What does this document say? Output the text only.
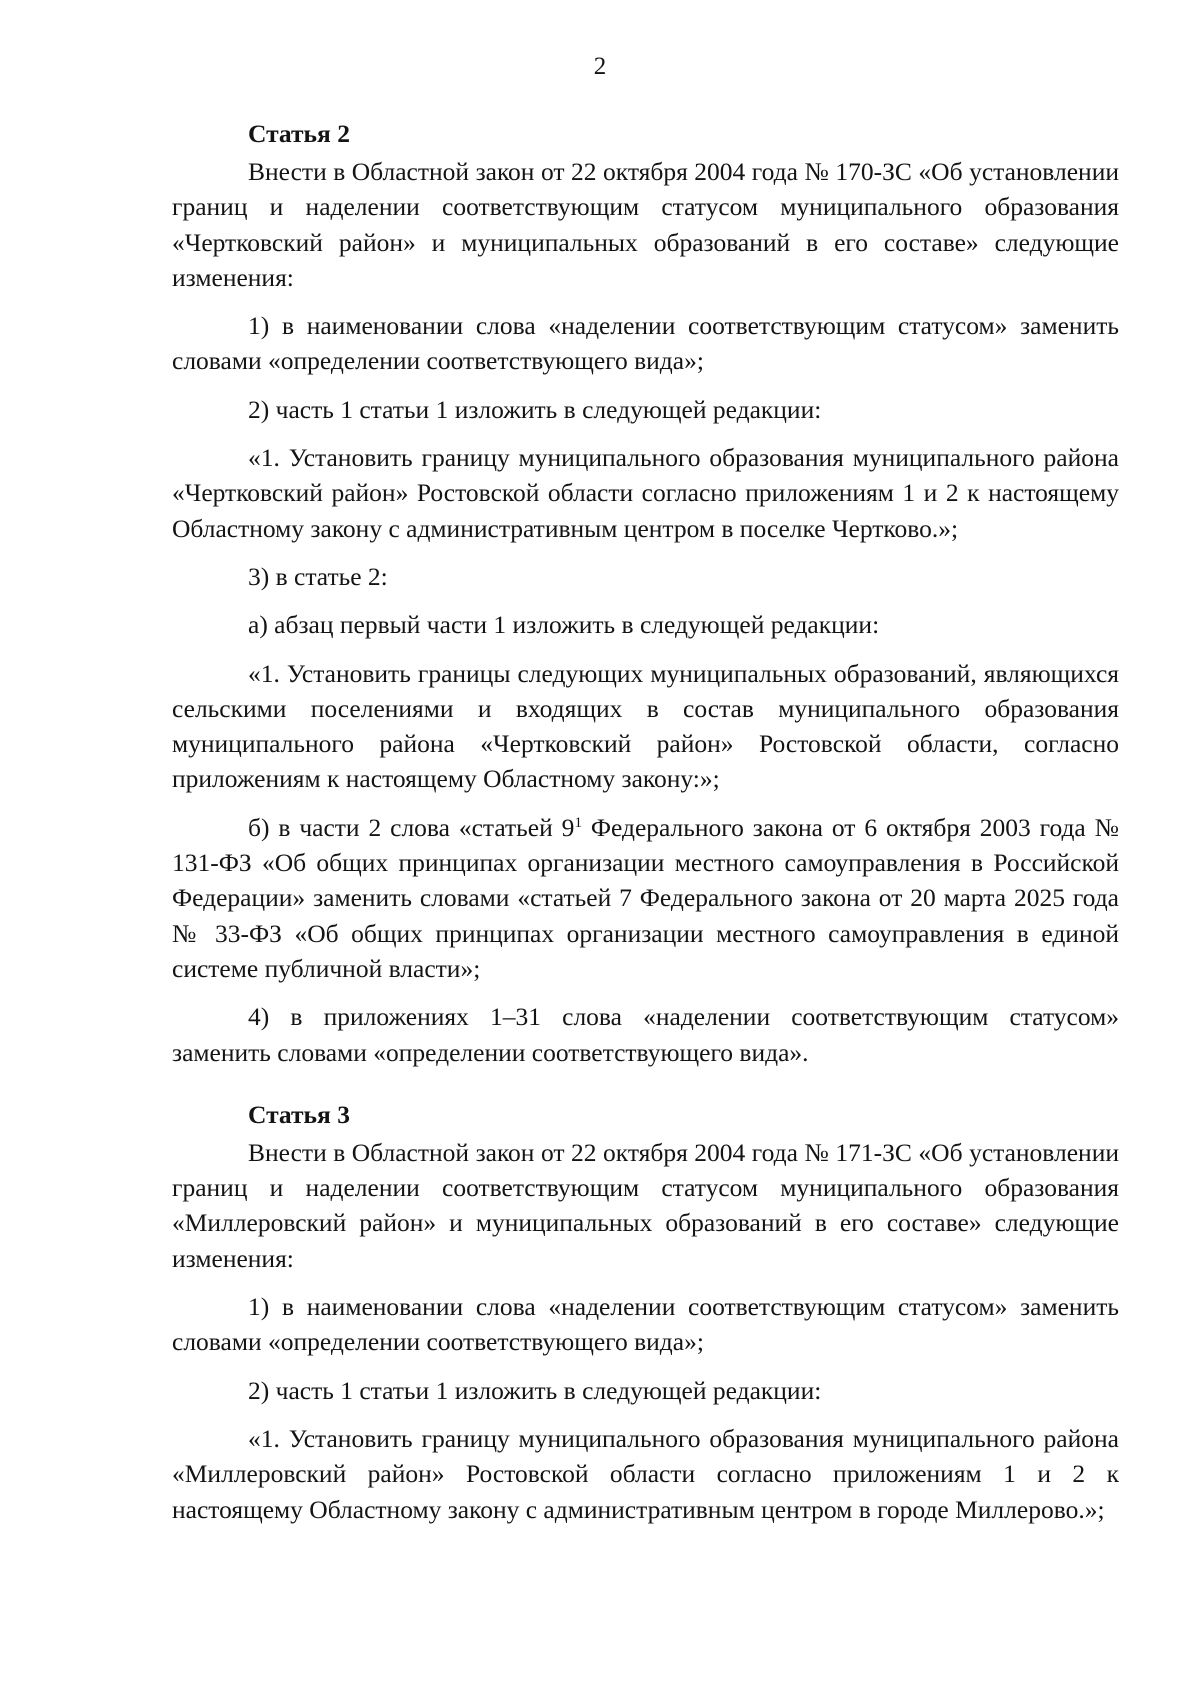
2
Статья 2

Внести в Областной закон от 22 октября 2004 года № 170-ЗС «Об установлении границ и наделении соответствующим статусом муниципального образования «Чертковский район» и муниципальных образований в его составе» следующие изменения:

1) в наименовании слова «наделении соответствующим статусом» заменить словами «определении соответствующего вида»;

2) часть 1 статьи 1 изложить в следующей редакции:

«1. Установить границу муниципального образования муниципального района «Чертковский район» Ростовской области согласно приложениям 1 и 2 к настоящему Областному закону с административным центром в поселке Чертково.»;

3) в статье 2:

а) абзац первый части 1 изложить в следующей редакции:

«1. Установить границы следующих муниципальных образований, являющихся сельскими поселениями и входящих в состав муниципального образования муниципального района «Чертковский район» Ростовской области, согласно приложениям к настоящему Областному закону:»;

б) в части 2 слова «статьей $9^1$ Федерального закона от 6 октября 2003 года № 131-ФЗ «Об общих принципах организации местного самоуправления в Российской Федерации» заменить словами «статьей 7 Федерального закона от 20 марта 2025 года № 33-ФЗ «Об общих принципах организации местного самоуправления в единой системе публичной власти»;

4) в приложениях 1–31 слова «наделении соответствующим статусом» заменить словами «определении соответствующего вида».

Статья 3

Внести в Областной закон от 22 октября 2004 года № 171-ЗС «Об установлении границ и наделении соответствующим статусом муниципального образования «Миллеровский район» и муниципальных образований в его составе» следующие изменения:

1) в наименовании слова «наделении соответствующим статусом» заменить словами «определении соответствующего вида»;

2) часть 1 статьи 1 изложить в следующей редакции:

«1. Установить границу муниципального образования муниципального района «Миллеровский район» Ростовской области согласно приложениям 1 и 2 к настоящему Областному закону с административным центром в городе Миллерово.»;
